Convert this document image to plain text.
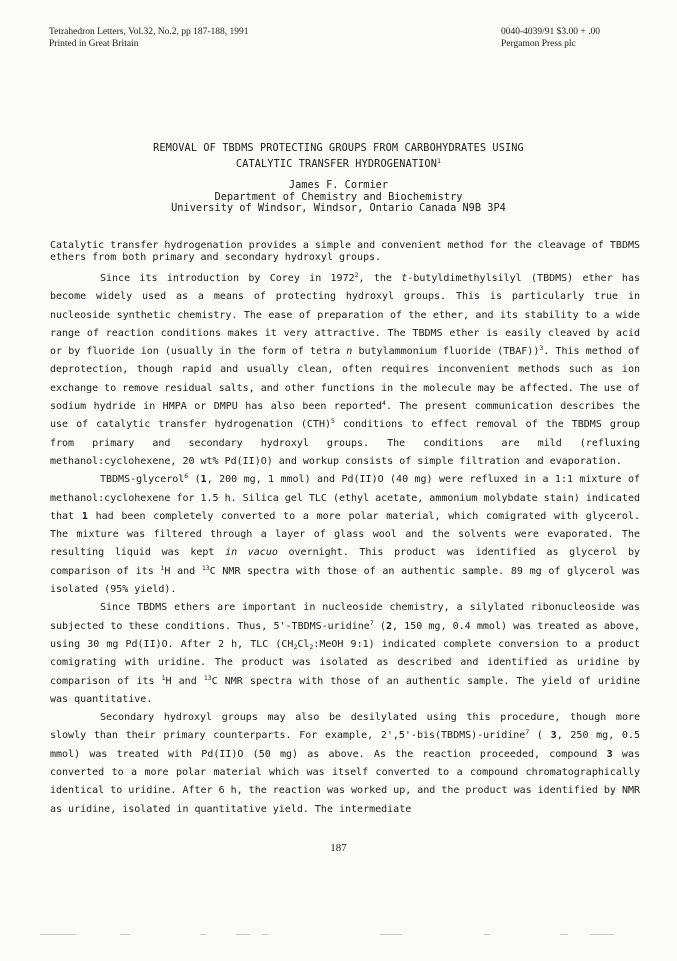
Tetrahedron Letters, Vol.32, No.2, pp 187-188, 1991
Printed in Great Britain
0040-4039/91 $3.00 + .00
Pergamon Press plc
REMOVAL OF TBDMS PROTECTING GROUPS FROM CARBOHYDRATES USING
CATALYTIC TRANSFER HYDROGENATION$^1$
James F. Cormier
Department of Chemistry and Biochemistry
University of Windsor, Windsor, Ontario Canada N9B 3P4
Catalytic transfer hydrogenation provides a simple and convenient method for the cleavage of TBDMS ethers from both primary and secondary hydroxyl groups.

Since its introduction by Corey in 1972$^2$, the t-butyldimethylsilyl (TBDMS) ether has become widely used as a means of protecting hydroxyl groups. This is particularly true in nucleoside synthetic chemistry. The ease of preparation of the ether, and its stability to a wide range of reaction conditions makes it very attractive. The TBDMS ether is easily cleaved by acid or by fluoride ion (usually in the form of tetra n butylammonium fluoride (TBAF))$^3$. This method of deprotection, though rapid and usually clean, often requires inconvenient methods such as ion exchange to remove residual salts, and other functions in the molecule may be affected. The use of sodium hydride in HMPA or DMPU has also been reported$^4$. The present communication describes the use of catalytic transfer hydrogenation (CTH)$^5$ conditions to effect removal of the TBDMS group from primary and secondary hydroxyl groups. The conditions are mild (refluxing methanol:cyclohexene, 20 wt% Pd(II)O) and workup consists of simple filtration and evaporation.

TBDMS-glycerol$^6$ (1, 200 mg, 1 mmol) and Pd(II)O (40 mg) were refluxed in a 1:1 mixture of methanol:cyclohexene for 1.5 h. Silica gel TLC (ethyl acetate, ammonium molybdate stain) indicated that 1 had been completely converted to a more polar material, which comigrated with glycerol. The mixture was filtered through a layer of glass wool and the solvents were evaporated. The resulting liquid was kept in vacuo overnight. This product was identified as glycerol by comparison of its $^1$H and $^{13}$C NMR spectra with those of an authentic sample. 89 mg of glycerol was isolated (95% yield).

Since TBDMS ethers are important in nucleoside chemistry, a silylated ribonucleoside was subjected to these conditions. Thus, 5'-TBDMS-uridine$^7$ (2, 150 mg, 0.4 mmol) was treated as above, using 30 mg Pd(II)O. After 2 h, TLC ($CH_2Cl_2:MeOH$ 9:1) indicated complete conversion to a product comigrating with uridine. The product was isolated as described and identified as uridine by comparison of its $^1$H and $^{13}$C NMR spectra with those of an authentic sample. The yield of uridine was quantitative.

Secondary hydroxyl groups may also be desilylated using this procedure, though more slowly than their primary counterparts. For example, 2',5'-bis(TBDMS)-uridine$^7$ ( 3, 250 mg, 0.5 mmol) was treated with Pd(II)O (50 mg) as above. As the reaction proceeded, compound 3 was converted to a more polar material which was itself converted to a compound chromatographically identical to uridine. After 6 h, the reaction was worked up, and the product was identified by NMR as uridine, isolated in quantitative yield. The intermediate

187
